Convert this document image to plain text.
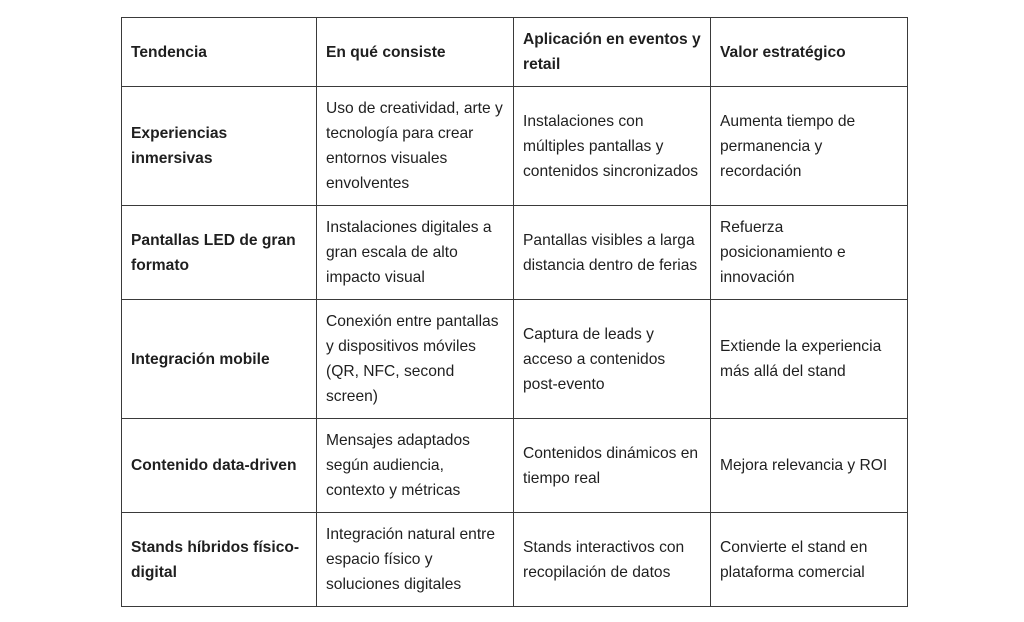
Tendencia	En qué consiste	Aplicación en eventos y retail	Valor estratégico
Experiencias inmersivas	Uso de creatividad, arte y tecnología para crear entornos visuales envolventes	Instalaciones con múltiples pantallas y contenidos sincronizados	Aumenta tiempo de permanencia y recordación
Pantallas LED de gran formato	Instalaciones digitales a gran escala de alto impacto visual	Pantallas visibles a larga distancia dentro de ferias	Refuerza posicionamiento e innovación
Integración mobile	Conexión entre pantallas y dispositivos móviles (QR, NFC, second screen)	Captura de leads y acceso a contenidos post-evento	Extiende la experiencia más allá del stand
Contenido data-driven	Mensajes adaptados según audiencia, contexto y métricas	Contenidos dinámicos en tiempo real	Mejora relevancia y ROI
Stands híbridos físico-digital	Integración natural entre espacio físico y soluciones digitales	Stands interactivos con recopilación de datos	Convierte el stand en plataforma comercial
